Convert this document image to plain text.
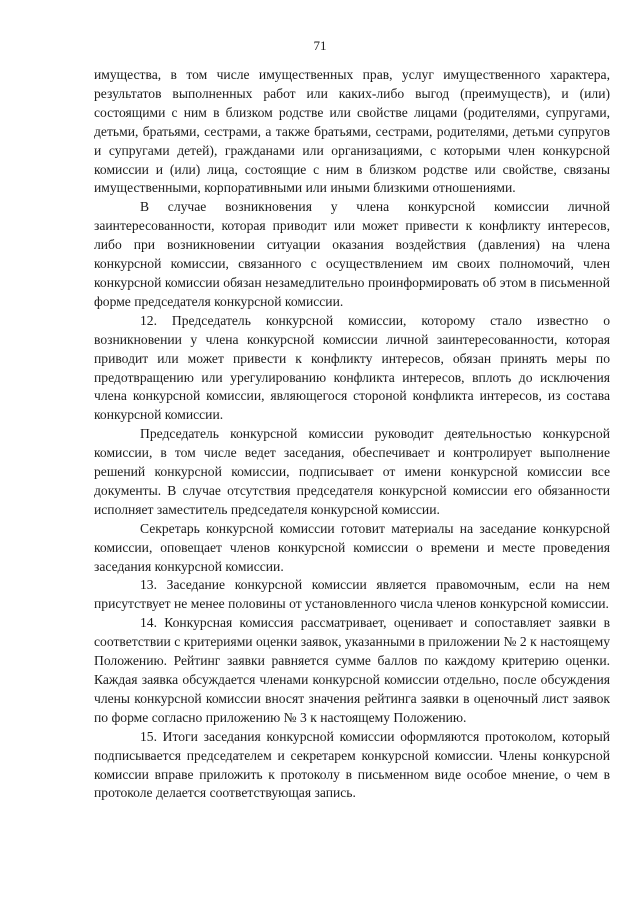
71

имущества, в том числе имущественных прав, услуг имущественного характера, результатов выполненных работ или каких-либо выгод (преимуществ), и (или) состоящими с ним в близком родстве или свойстве лицами (родителями, супругами, детьми, братьями, сестрами, а также братьями, сестрами, родителями, детьми супругов и супругами детей), гражданами или организациями, с которыми член конкурсной комиссии и (или) лица, состоящие с ним в близком родстве или свойстве, связаны имущественными, корпоративными или иными близкими отношениями.

В случае возникновения у члена конкурсной комиссии личной заинтересованности, которая приводит или может привести к конфликту интересов, либо при возникновении ситуации оказания воздействия (давления) на члена конкурсной комиссии, связанного с осуществлением им своих полномочий, член конкурсной комиссии обязан незамедлительно проинформировать об этом в письменной форме председателя конкурсной комиссии.

12. Председатель конкурсной комиссии, которому стало известно о возникновении у члена конкурсной комиссии личной заинтересованности, которая приводит или может привести к конфликту интересов, обязан принять меры по предотвращению или урегулированию конфликта интересов, вплоть до исключения члена конкурсной комиссии, являющегося стороной конфликта интересов, из состава конкурсной комиссии.

Председатель конкурсной комиссии руководит деятельностью конкурсной комиссии, в том числе ведет заседания, обеспечивает и контролирует выполнение решений конкурсной комиссии, подписывает от имени конкурсной комиссии все документы. В случае отсутствия председателя конкурсной комиссии его обязанности исполняет заместитель председателя конкурсной комиссии.

Секретарь конкурсной комиссии готовит материалы на заседание конкурсной комиссии, оповещает членов конкурсной комиссии о времени и месте проведения заседания конкурсной комиссии.

13. Заседание конкурсной комиссии является правомочным, если на нем присутствует не менее половины от установленного числа членов конкурсной комиссии.

14. Конкурсная комиссия рассматривает, оценивает и сопоставляет заявки в соответствии с критериями оценки заявок, указанными в приложении № 2 к настоящему Положению. Рейтинг заявки равняется сумме баллов по каждому критерию оценки. Каждая заявка обсуждается членами конкурсной комиссии отдельно, после обсуждения члены конкурсной комиссии вносят значения рейтинга заявки в оценочный лист заявок по форме согласно приложению № 3 к настоящему Положению.

15. Итоги заседания конкурсной комиссии оформляются протоколом, который подписывается председателем и секретарем конкурсной комиссии. Члены конкурсной комиссии вправе приложить к протоколу в письменном виде особое мнение, о чем в протоколе делается соответствующая запись.
